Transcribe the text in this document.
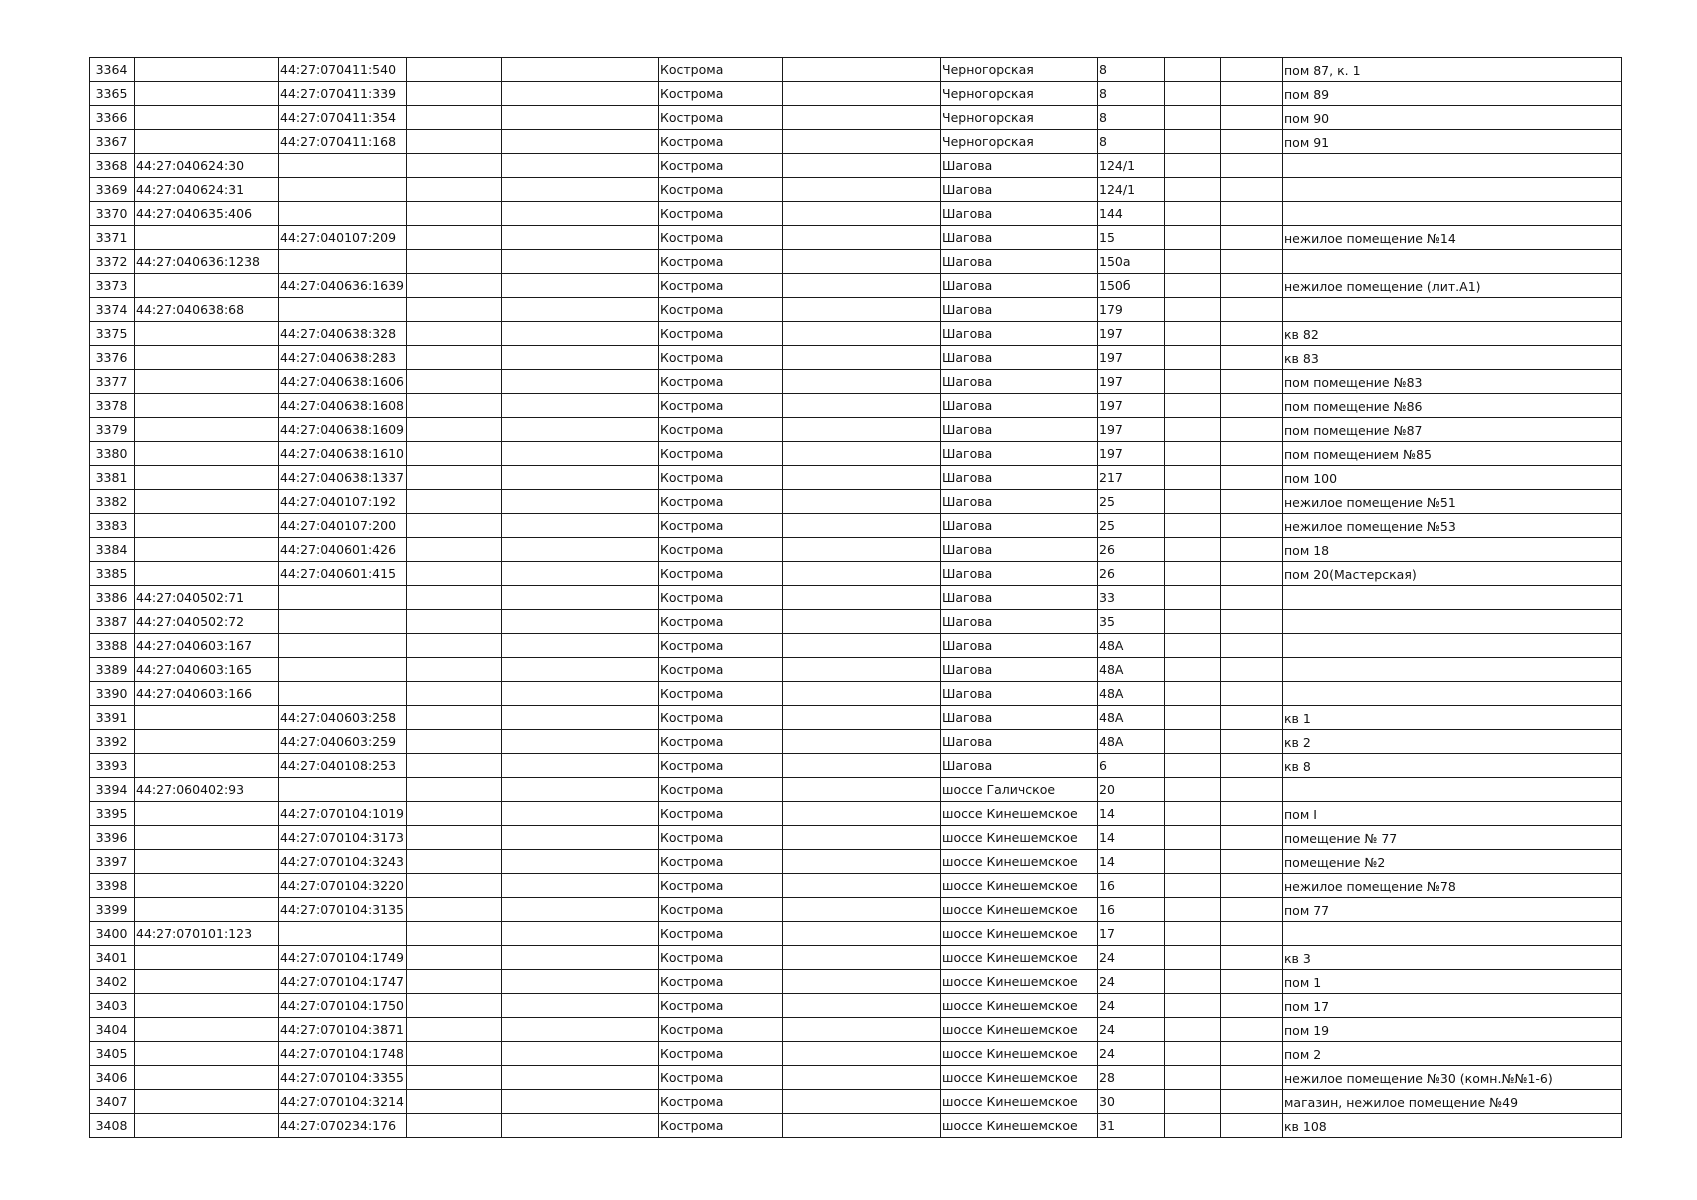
3364		44:27:070411:540			Кострома		Черногорская	8			пом 87, к. 1
3365		44:27:070411:339			Кострома		Черногорская	8			пом 89
3366		44:27:070411:354			Кострома		Черногорская	8			пом 90
3367		44:27:070411:168			Кострома		Черногорская	8			пом 91
3368	44:27:040624:30				Кострома		Шагова	124/1			
3369	44:27:040624:31				Кострома		Шагова	124/1			
3370	44:27:040635:406				Кострома		Шагова	144			
3371		44:27:040107:209			Кострома		Шагова	15			нежилое помещение №14
3372	44:27:040636:1238				Кострома		Шагова	150а			
3373		44:27:040636:1639			Кострома		Шагова	150б			нежилое помещение (лит.А1)
3374	44:27:040638:68				Кострома		Шагова	179			
3375		44:27:040638:328			Кострома		Шагова	197			кв 82
3376		44:27:040638:283			Кострома		Шагова	197			кв 83
3377		44:27:040638:1606			Кострома		Шагова	197			пом помещение №83
3378		44:27:040638:1608			Кострома		Шагова	197			пом помещение №86
3379		44:27:040638:1609			Кострома		Шагова	197			пом помещение №87
3380		44:27:040638:1610			Кострома		Шагова	197			пом помещением №85
3381		44:27:040638:1337			Кострома		Шагова	217			пом 100
3382		44:27:040107:192			Кострома		Шагова	25			нежилое помещение №51
3383		44:27:040107:200			Кострома		Шагова	25			нежилое помещение №53
3384		44:27:040601:426			Кострома		Шагова	26			пом 18
3385		44:27:040601:415			Кострома		Шагова	26			пом 20(Мастерская)
3386	44:27:040502:71				Кострома		Шагова	33			
3387	44:27:040502:72				Кострома		Шагова	35			
3388	44:27:040603:167				Кострома		Шагова	48А			
3389	44:27:040603:165				Кострома		Шагова	48А			
3390	44:27:040603:166				Кострома		Шагова	48А			
3391		44:27:040603:258			Кострома		Шагова	48А			кв 1
3392		44:27:040603:259			Кострома		Шагова	48А			кв 2
3393		44:27:040108:253			Кострома		Шагова	6			кв 8
3394	44:27:060402:93				Кострома		шоссе Галичское	20			
3395		44:27:070104:1019			Кострома		шоссе Кинешемское	14			пом I
3396		44:27:070104:3173			Кострома		шоссе Кинешемское	14			помещение № 77
3397		44:27:070104:3243			Кострома		шоссе Кинешемское	14			помещение №2
3398		44:27:070104:3220			Кострома		шоссе Кинешемское	16			нежилое помещение №78
3399		44:27:070104:3135			Кострома		шоссе Кинешемское	16			пом 77
3400	44:27:070101:123				Кострома		шоссе Кинешемское	17			
3401		44:27:070104:1749			Кострома		шоссе Кинешемское	24			кв 3
3402		44:27:070104:1747			Кострома		шоссе Кинешемское	24			пом 1
3403		44:27:070104:1750			Кострома		шоссе Кинешемское	24			пом 17
3404		44:27:070104:3871			Кострома		шоссе Кинешемское	24			пом 19
3405		44:27:070104:1748			Кострома		шоссе Кинешемское	24			пом 2
3406		44:27:070104:3355			Кострома		шоссе Кинешемское	28			нежилое помещение №30 (комн.№№1-6)
3407		44:27:070104:3214			Кострома		шоссе Кинешемское	30			магазин, нежилое помещение №49
3408		44:27:070234:176			Кострома		шоссе Кинешемское	31			кв 108
